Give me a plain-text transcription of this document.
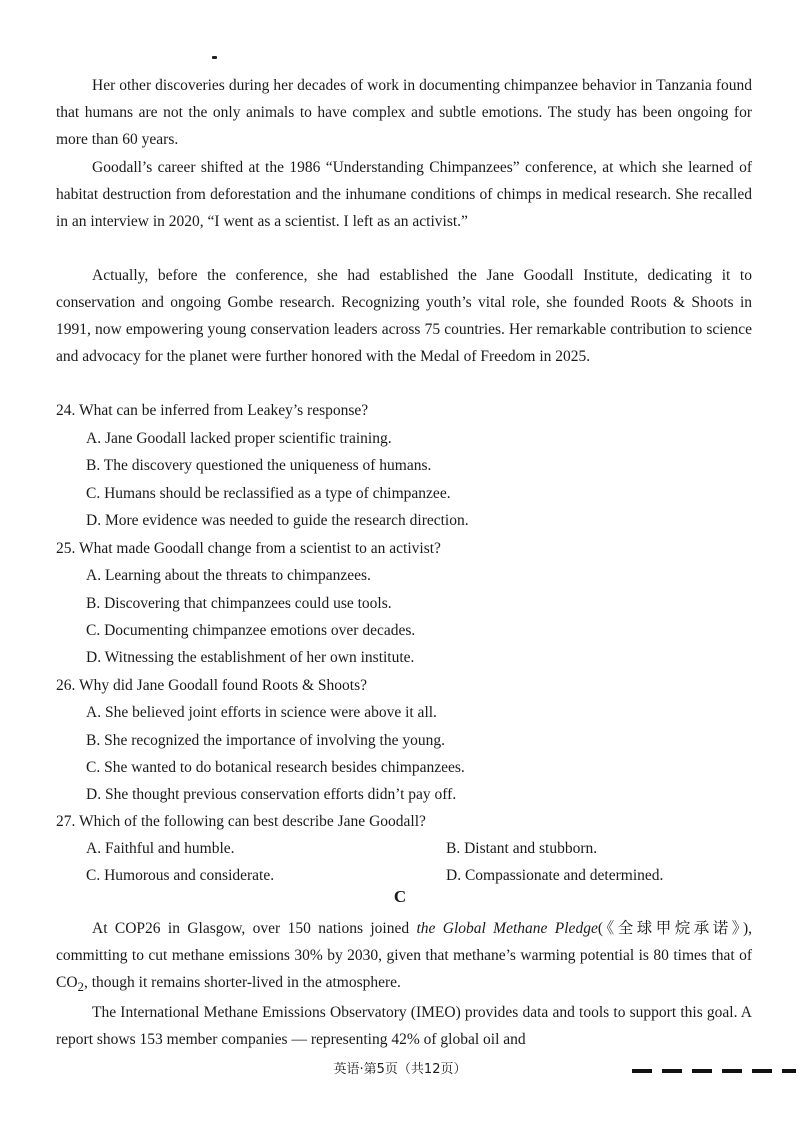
Her other discoveries during her decades of work in documenting chimpanzee behavior in Tanzania found that humans are not the only animals to have complex and subtle emotions. The study has been ongoing for more than 60 years.

Goodall’s career shifted at the 1986 “Understanding Chimpanzees” conference, at which she learned of habitat destruction from deforestation and the inhumane conditions of chimps in medical research. She recalled in an interview in 2020, “I went as a scientist. I left as an activist.”

Actually, before the conference, she had established the Jane Goodall Institute, dedicating it to conservation and ongoing Gombe research. Recognizing youth’s vital role, she founded Roots & Shoots in 1991, now empowering young conservation leaders across 75 countries. Her remarkable contribution to science and advocacy for the planet were further honored with the Medal of Freedom in 2025.

24. What can be inferred from Leakey’s response?

A. Jane Goodall lacked proper scientific training.

B. The discovery questioned the uniqueness of humans.

C. Humans should be reclassified as a type of chimpanzee.

D. More evidence was needed to guide the research direction.

25. What made Goodall change from a scientist to an activist?

A. Learning about the threats to chimpanzees.

B. Discovering that chimpanzees could use tools.

C. Documenting chimpanzee emotions over decades.

D. Witnessing the establishment of her own institute.

26. Why did Jane Goodall found Roots & Shoots?

A. She believed joint efforts in science were above it all.

B. She recognized the importance of involving the young.

C. She wanted to do botanical research besides chimpanzees.

D. She thought previous conservation efforts didn’t pay off.

27. Which of the following can best describe Jane Goodall?

A. Faithful and humble.	B. Distant and stubborn.

C. Humorous and considerate.	D. Compassionate and determined.

C

At COP26 in Glasgow, over 150 nations joined the Global Methane Pledge(《全球甲烷承诺》), committing to cut methane emissions 30% by 2030, given that methane’s warming potential is 80 times that of $CO_2$, though it remains shorter-lived in the atmosphere.

The International Methane Emissions Observatory (IMEO) provides data and tools to support this goal. A report shows 153 member companies — representing 42% of global oil and

英语·第5页（共12页）
